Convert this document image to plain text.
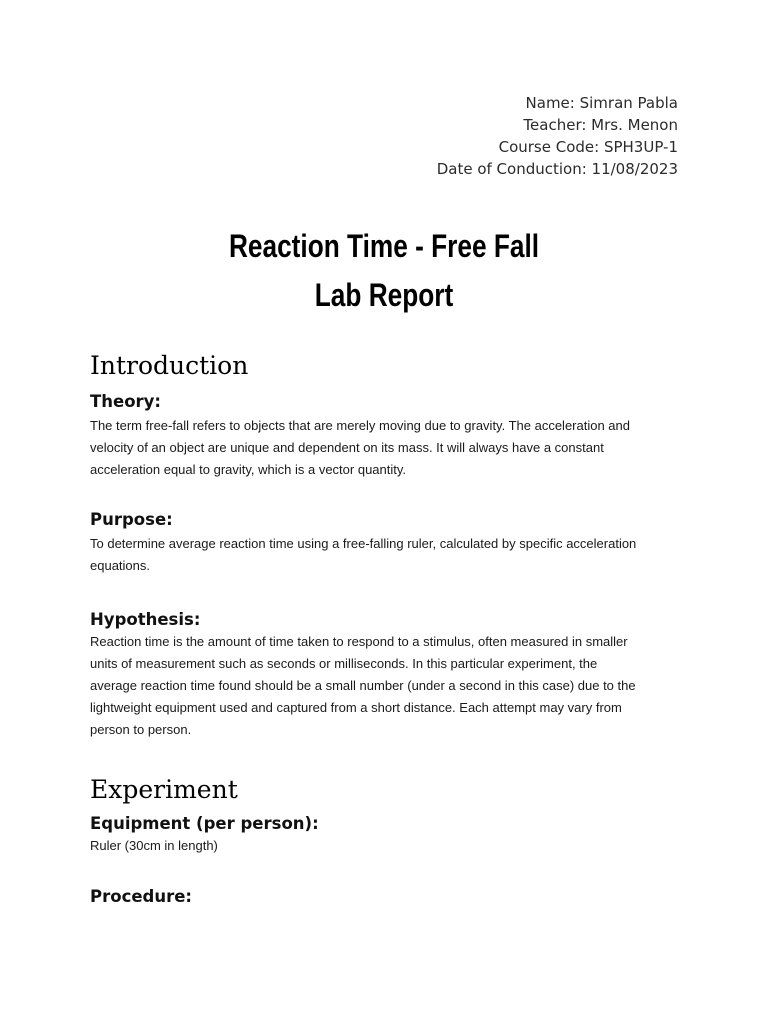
Name: Simran Pabla
Teacher: Mrs. Menon
Course Code: SPH3UP-1
Date of Conduction: 11/08/2023
Reaction Time - Free Fall
Lab Report
Introduction
Theory:
The term free-fall refers to objects that are merely moving due to gravity. The acceleration and
velocity of an object are unique and dependent on its mass. It will always have a constant
acceleration equal to gravity, which is a vector quantity.
Purpose:
To determine average reaction time using a free-falling ruler, calculated by specific acceleration
equations.
Hypothesis:
Reaction time is the amount of time taken to respond to a stimulus, often measured in smaller
units of measurement such as seconds or milliseconds. In this particular experiment, the
average reaction time found should be a small number (under a second in this case) due to the
lightweight equipment used and captured from a short distance. Each attempt may vary from
person to person.
Experiment
Equipment (per person):
Ruler (30cm in length)
Procedure:
